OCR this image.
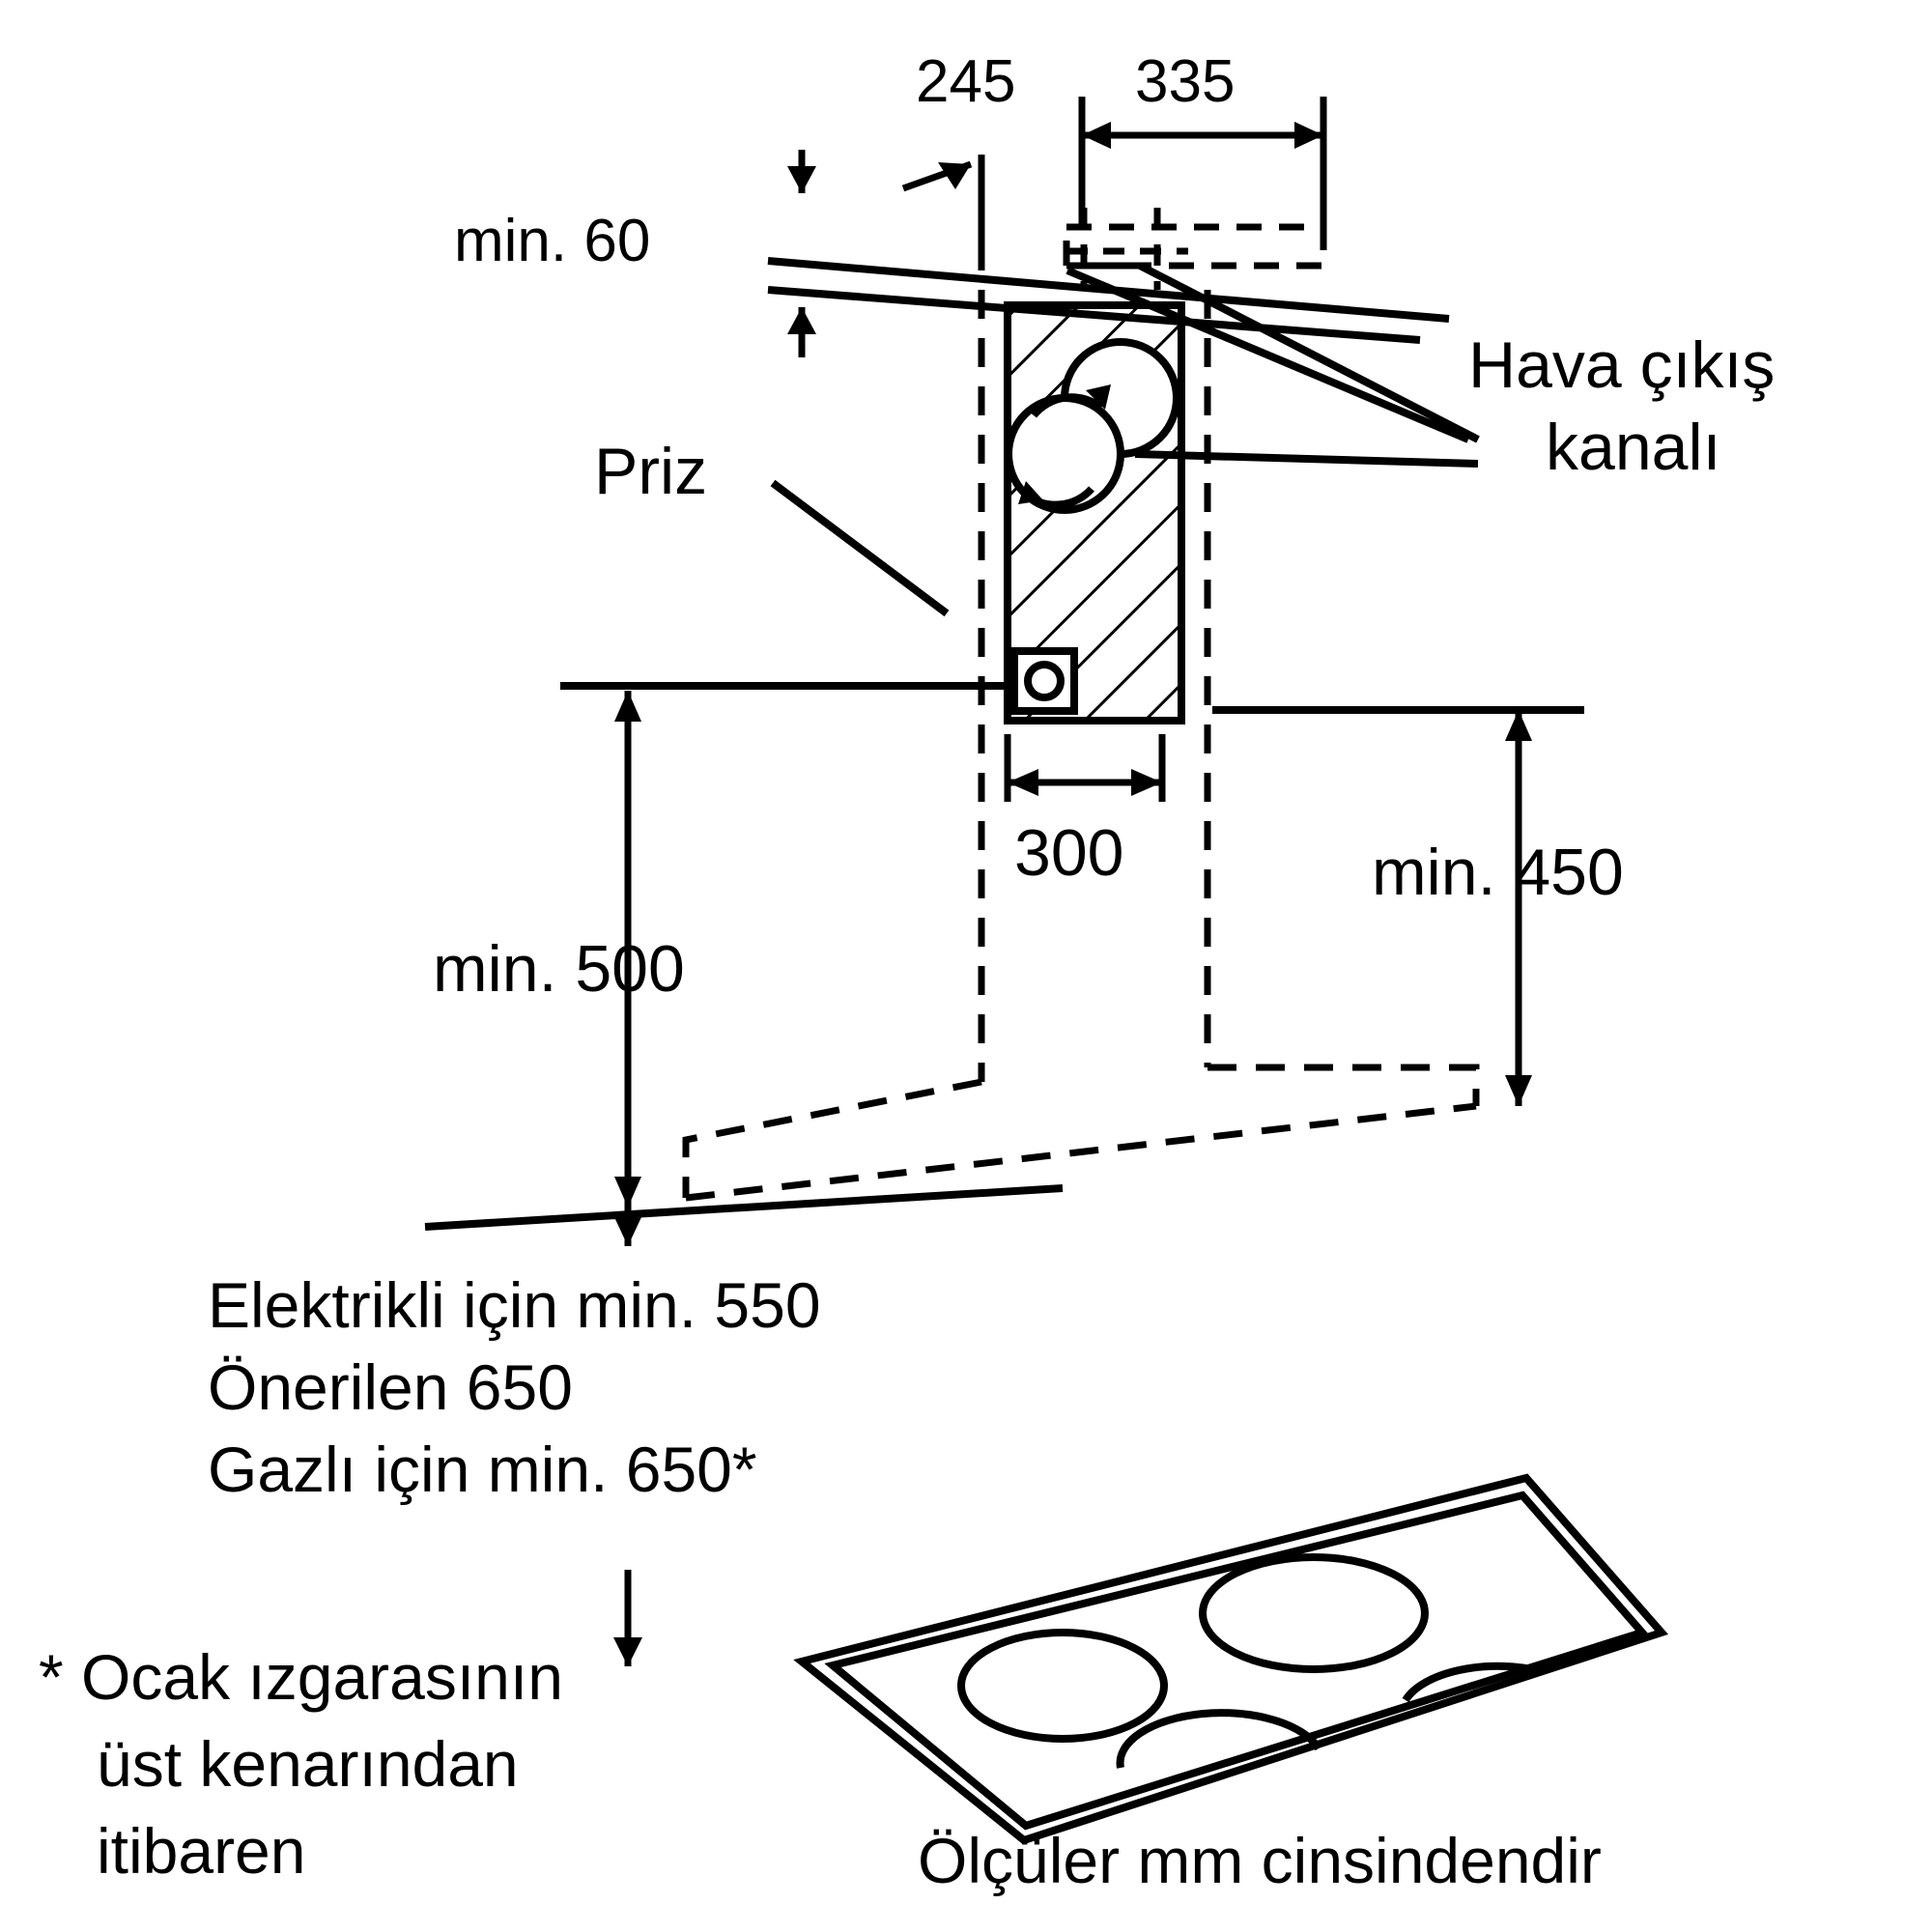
245 335
min. 60
Hava çıkış
kanalı
Priz
300	min. 450
min. 500
Elektrikli için min. 550
Önerilen 650
Gazlı için min. 650*
* Ocak ızgarasının
üst kenarından
itibaren	Ölçüler mm cinsindendir
